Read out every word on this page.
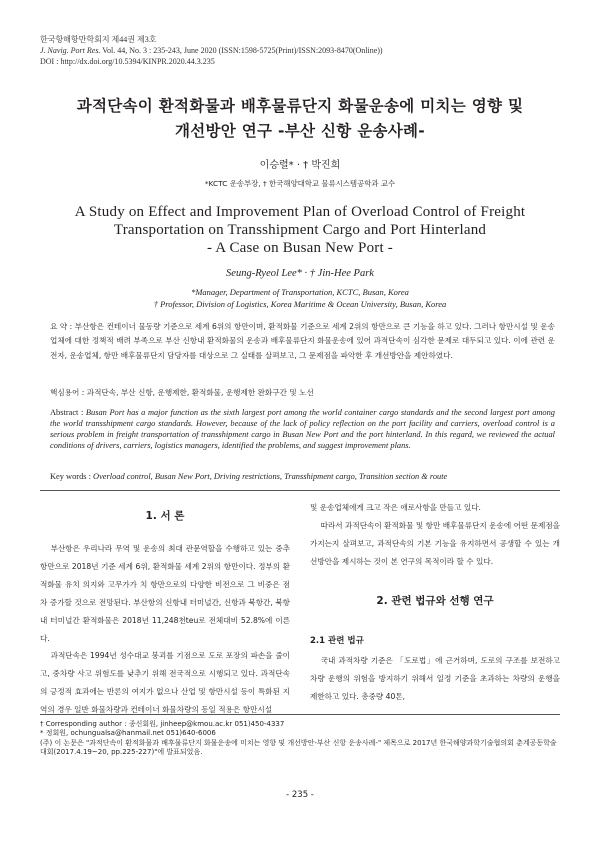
한국항해항만학회지 제44권 제3호
J. Navig. Port Res. Vol. 44, No. 3 : 235-243, June 2020 (ISSN:1598-5725(Print)/ISSN:2093-8470(Online))
DOI : http://dx.doi.org/10.5394/KINPR.2020.44.3.235
과적단속이 환적화물과 배후물류단지 화물운송에 미치는 영향 및
개선방안 연구 -부산 신항 운송사례-
이승렬* · † 박진희
*KCTC 운송부장, † 한국해양대학교 물류시스템공학과 교수
A Study on Effect and Improvement Plan of Overload Control of Freight
Transportation on Transshipment Cargo and Port Hinterland
- A Case on Busan New Port -
Seung-Ryeol Lee* · † Jin-Hee Park
*Manager, Department of Transportation, KCTC, Busan, Korea
† Professor, Division of Logistics, Korea Maritime & Ocean University, Busan, Korea
요 약 : 부산항은 컨테이너 물동량 기준으로 세계 6위의 항만이며, 환적화물 기준으로 세계 2위의 항만으로 큰 기능을 하고 있다. 그러나 항만시설 및 운송업체에 대한 정책적 배려 부족으로 부산 신항내 환적화물의 운송과 배후물류단지 화물운송에 있어 과적단속이 심각한 문제로 대두되고 있다. 이에 관련 운전자, 운송업체, 항만 배후물류단지 담당자를 대상으로 그 실태를 살펴보고, 그 문제점을 파악한 후 개선방안을 제안하였다.
핵심용어 : 과적단속, 부산 신항, 운행제한, 환적화물, 운행제한 완화구간 및 노선
Abstract : Busan Port has a major function as the sixth largest port among the world container cargo standards and the second largest port among the world transshipment cargo standards. However, because of the lack of policy reflection on the port facility and carriers, overload control is a serious problem in freight transportation of transshipment cargo in Busan New Port and the port hinterland. In this regard, we reviewed the actual conditions of drivers, carriers, logistics managers, identified the problems, and suggest improvement plans.
Key words : Overload control, Busan New Port, Driving restrictions, Transshipment cargo, Transition section & route
1. 서 론

부산항은 우리나라 무역 및 운송의 최대 관문역할을 수행하고 있는 중추 항만으로 2018년 기준 세계 6위, 환적화물 세계 2위의 항만이다. 정부의 환적화물 유치 의지와 고무가가 치 항만으로의 다양한 비전으로 그 비중은 점차 증가할 것으로 전망된다. 부산항의 신항내 터미널간, 신항과 북항간, 북항내 터미널간 환적화물은 2018년 11,248천teu로 전체대비 52.8%에 이른다.

과적단속은 1994년 성수대교 붕괴를 기점으로 도로 포장의 파손을 줄이고, 중차량 사고 위험도를 낮추기 위해 전국적으로 시행되고 있다. 과적단속의 긍정적 효과에는 반론의 여지가 없으나 산업 및 항만시설 등이 특화된 지역의 경우 일반 화물차량과 컨테이너 화물차량의 동일 적용은 항만시설

및 운송업체에게 크고 작은 애로사항을 만들고 있다.

따라서 과적단속이 환적화물 및 항만 배후물류단지 운송에 어떤 문제점을 가지는지 살펴보고, 과적단속의 기본 기능을 유지하면서 공생할 수 있는 개선방안을 제시하는 것이 본 연구의 목적이라 할 수 있다.

2. 관련 법규와 선행 연구
2.1 관련 법규

국내 과적차량 기준은 「도로법」에 근거하며, 도로의 구조를 보전하고 차량 운행의 위험을 방지하기 위해서 일정 기준을 초과하는 차량의 운행을 제한하고 있다. 총중량 40톤,

† Corresponding author : 종신회원, jinheep@kmou.ac.kr 051)450-4337
* 정회원, ochungualsa@hanmail.net 051)640-6006
(주) 이 논문은 "과적단속이 환적화물과 배후물류단지 화물운송에 미치는 영향 및 개선방안-부산 신항 운송사례-" 제목으로 2017년 한국해양과학기술협의회 춘계공동학술대회(2017.4.19~20, pp.225-227)"에 발표되었음.
- 235 -
